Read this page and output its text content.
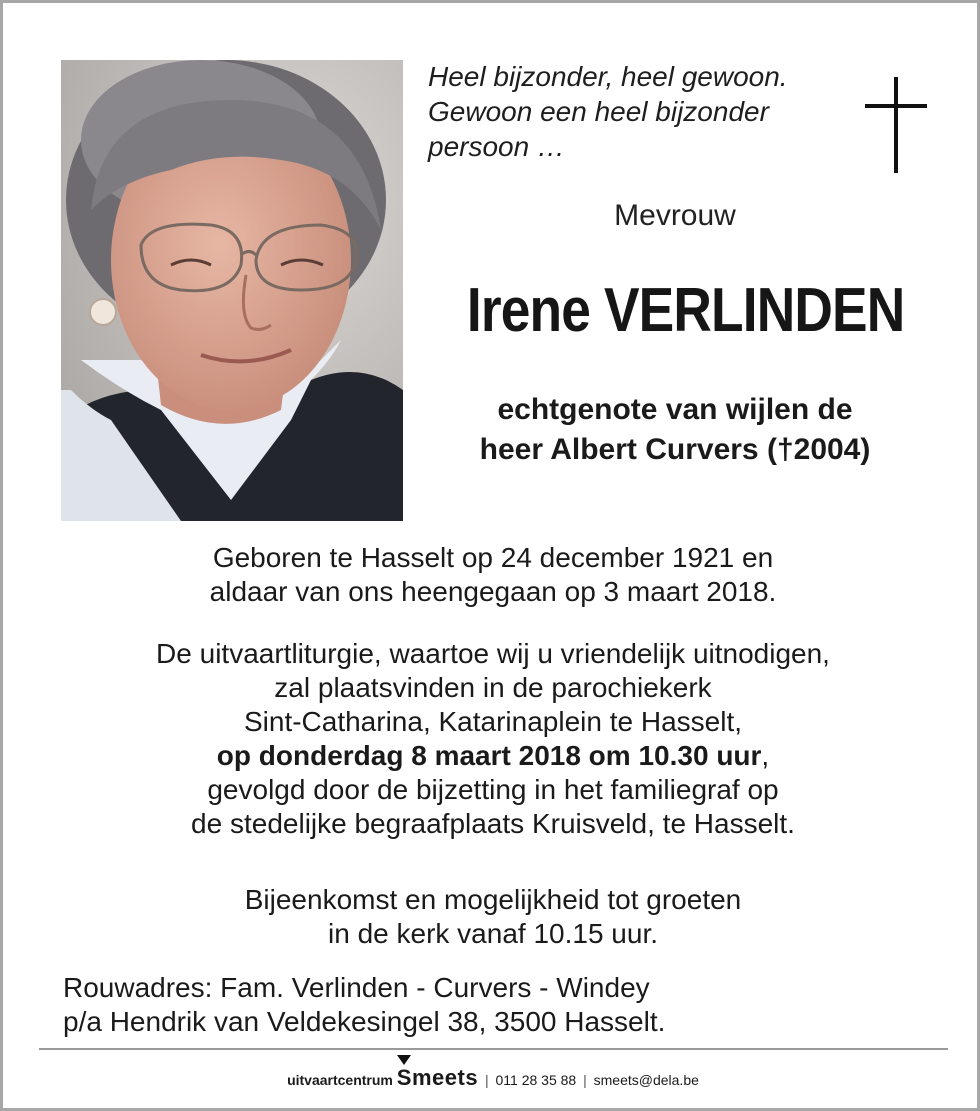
Heel bijzonder, heel gewoon.
Gewoon een heel bijzonder
persoon …
Mevrouw
Irene VERLINDEN
echtgenote van wijlen de
heer Albert Curvers (†2004)
Geboren te Hasselt op 24 december 1921 en
aldaar van ons heengegaan op 3 maart 2018.
De uitvaartliturgie, waartoe wij u vriendelijk uitnodigen,
zal plaatsvinden in de parochiekerk
Sint-Catharina, Katarinaplein te Hasselt,
op donderdag 8 maart 2018 om 10.30 uur,
gevolgd door de bijzetting in het familiegraf op
de stedelijke begraafplaats Kruisveld, te Hasselt.
Bijeenkomst en mogelijkheid tot groeten
in de kerk vanaf 10.15 uur.
Rouwadres: Fam. Verlinden - Curvers - Windey
p/a Hendrik van Veldekesingel 38, 3500 Hasselt.
uitvaartcentrum Smeets | 011 28 35 88 | smeets@dela.be
